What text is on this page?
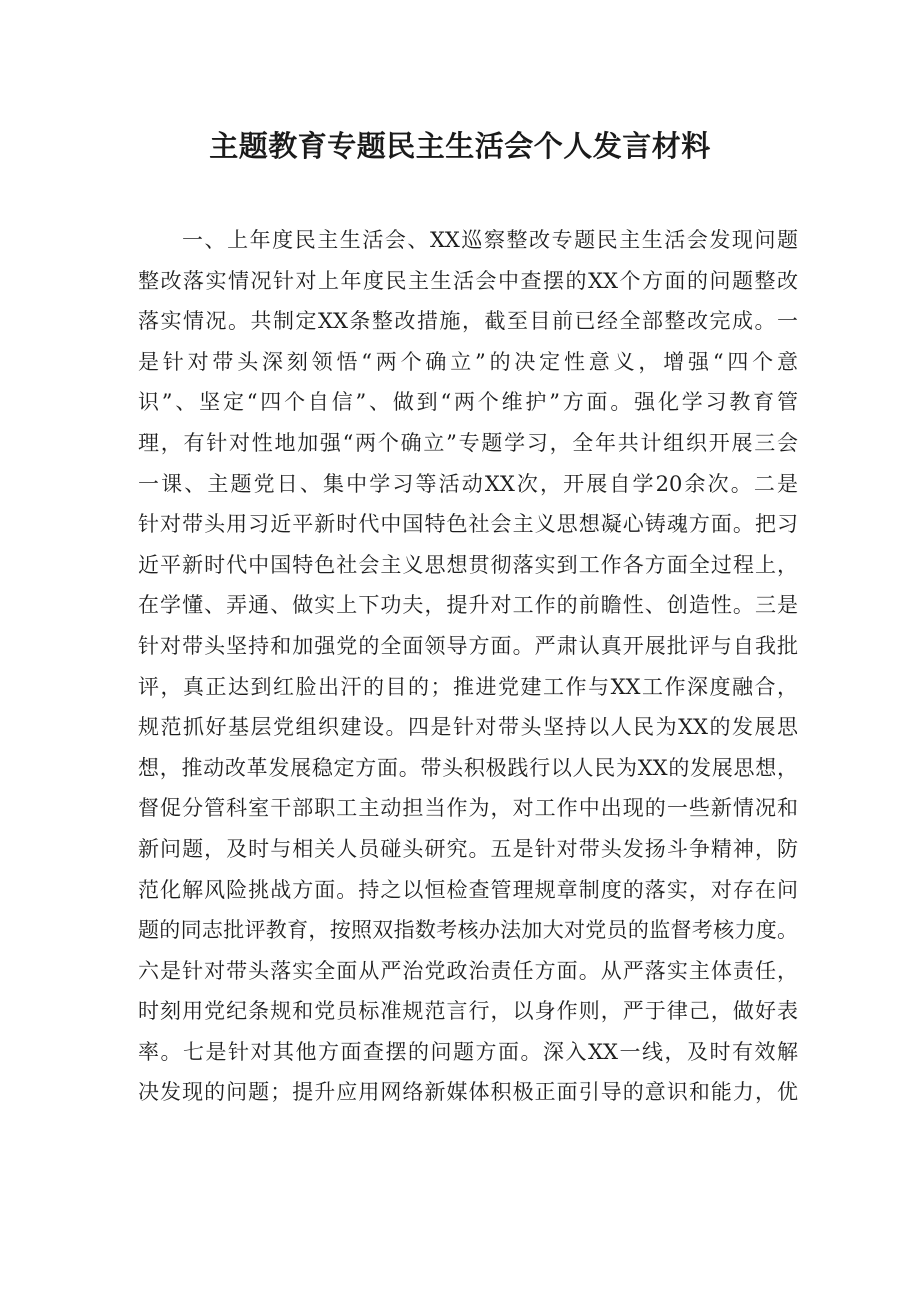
主题教育专题民主生活会个人发言材料
一、上年度民主生活会、XX巡察整改专题民主生活会发现问题
整改落实情况针对上年度民主生活会中查摆的XX个方面的问题整改
落实情况。共制定XX条整改措施，截至目前已经全部整改完成。一
是针对带头深刻领悟“两个确立”的决定性意义，增强“四个意
识”、坚定“四个自信”、做到“两个维护”方面。强化学习教育管
理，有针对性地加强“两个确立”专题学习，全年共计组织开展三会
一课、主题党日、集中学习等活动XX次，开展自学20余次。二是
针对带头用习近平新时代中国特色社会主义思想凝心铸魂方面。把习
近平新时代中国特色社会主义思想贯彻落实到工作各方面全过程上，
在学懂、弄通、做实上下功夫，提升对工作的前瞻性、创造性。三是
针对带头坚持和加强党的全面领导方面。严肃认真开展批评与自我批
评，真正达到红脸出汗的目的；推进党建工作与XX工作深度融合，
规范抓好基层党组织建设。四是针对带头坚持以人民为XX的发展思
想，推动改革发展稳定方面。带头积极践行以人民为XX的发展思想，
督促分管科室干部职工主动担当作为，对工作中出现的一些新情况和
新问题，及时与相关人员碰头研究。五是针对带头发扬斗争精神，防
范化解风险挑战方面。持之以恒检查管理规章制度的落实，对存在问
题的同志批评教育，按照双指数考核办法加大对党员的监督考核力度。
六是针对带头落实全面从严治党政治责任方面。从严落实主体责任，
时刻用党纪条规和党员标准规范言行，以身作则，严于律己，做好表
率。七是针对其他方面查摆的问题方面。深入XX一线，及时有效解
决发现的问题；提升应用网络新媒体积极正面引导的意识和能力，优
